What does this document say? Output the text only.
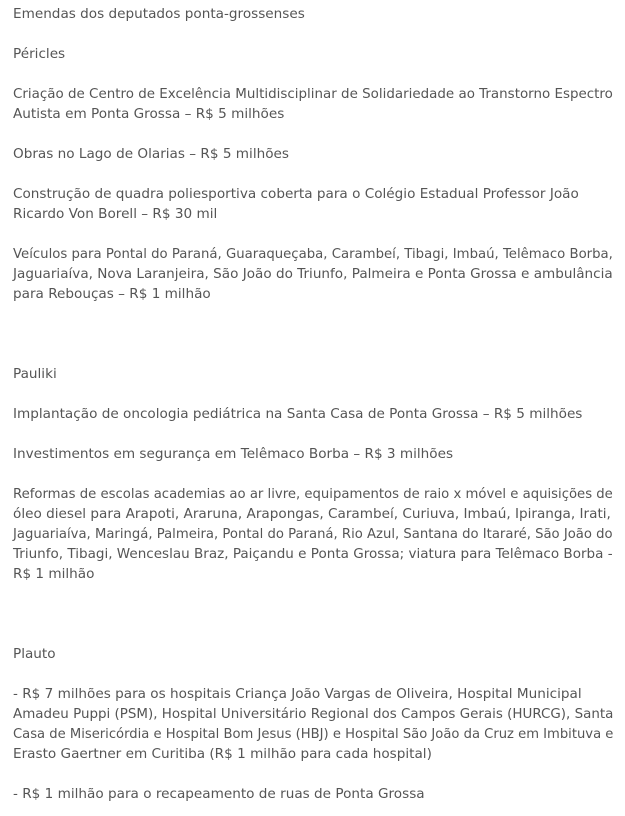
Emendas dos deputados ponta-grossenses
Péricles
Criação de Centro de Excelência Multidisciplinar de Solidariedade ao Transtorno Espectro
Autista em Ponta Grossa – R$ 5 milhões
Obras no Lago de Olarias – R$ 5 milhões
Construção de quadra poliesportiva coberta para o Colégio Estadual Professor João
Ricardo Von Borell – R$ 30 mil
Veículos para Pontal do Paraná, Guaraqueçaba, Carambeí, Tibagi, Imbaú, Telêmaco Borba,
Jaguariaíva, Nova Laranjeira, São João do Triunfo, Palmeira e Ponta Grossa e ambulância
para Rebouças – R$ 1 milhão
Pauliki
Implantação de oncologia pediátrica na Santa Casa de Ponta Grossa – R$ 5 milhões
Investimentos em segurança em Telêmaco Borba – R$ 3 milhões
Reformas de escolas academias ao ar livre, equipamentos de raio x móvel e aquisições de
óleo diesel para Arapoti, Araruna, Arapongas, Carambeí, Curiuva, Imbaú, Ipiranga, Irati,
Jaguariaíva, Maringá, Palmeira, Pontal do Paraná, Rio Azul, Santana do Itararé, São João do
Triunfo, Tibagi, Wenceslau Braz, Paiçandu e Ponta Grossa; viatura para Telêmaco Borba -
R$ 1 milhão
Plauto
- R$ 7 milhões para os hospitais Criança João Vargas de Oliveira, Hospital Municipal
Amadeu Puppi (PSM), Hospital Universitário Regional dos Campos Gerais (HURCG), Santa
Casa de Misericórdia e Hospital Bom Jesus (HBJ) e Hospital São João da Cruz em Imbituva e
Erasto Gaertner em Curitiba (R$ 1 milhão para cada hospital)
- R$ 1 milhão para o recapeamento de ruas de Ponta Grossa
